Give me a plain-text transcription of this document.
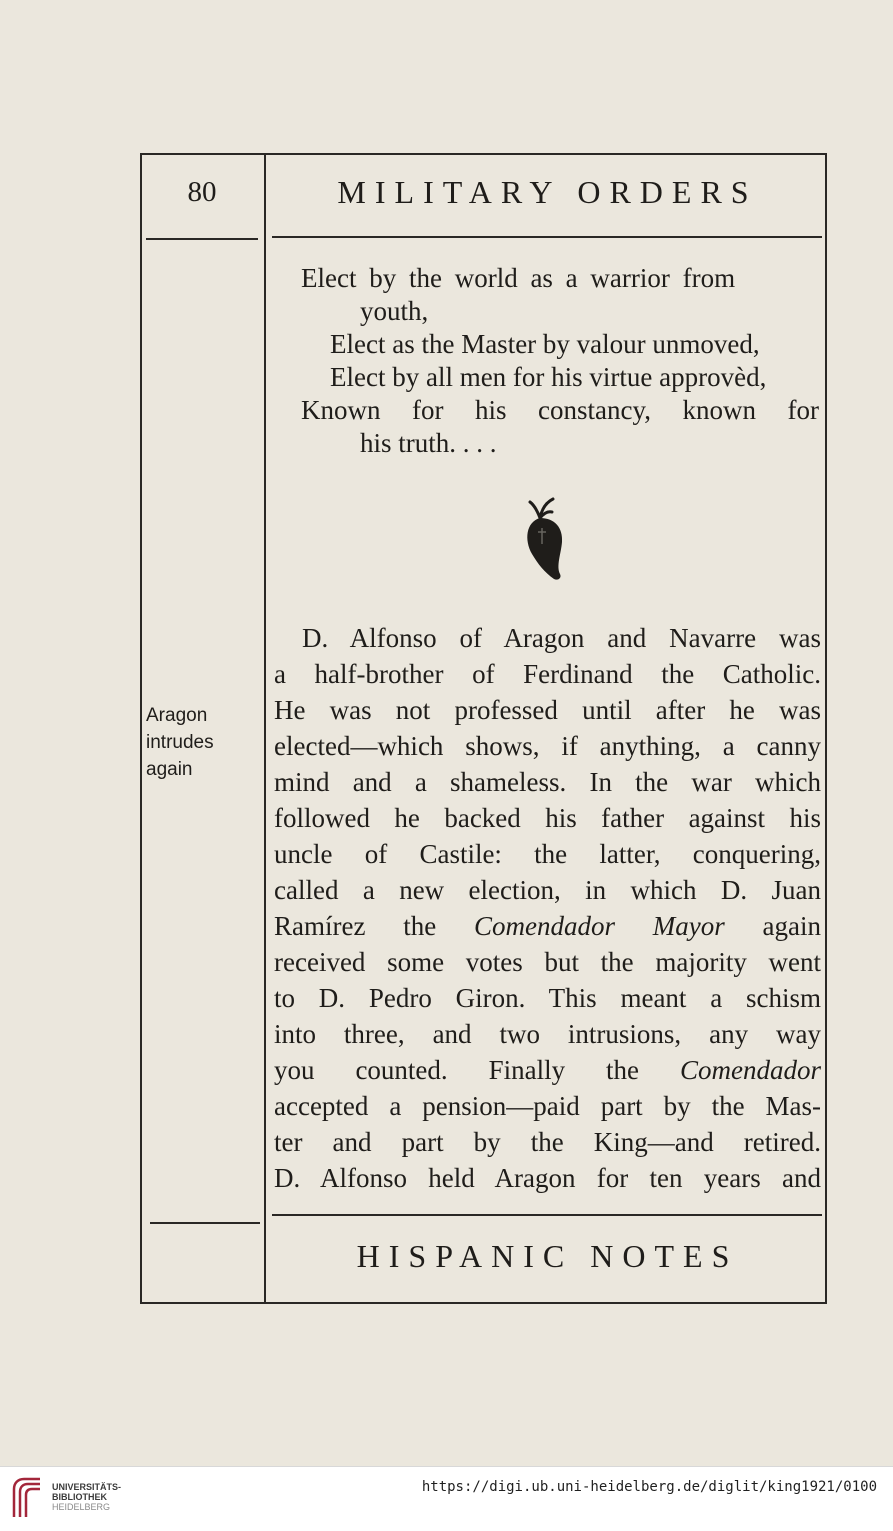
80	MILITARY ORDERS
Elect by the world as a warrior from
youth,
Elect as the Master by valour unmoved,
Elect by all men for his virtue approvèd,
Known for his constancy, known for
his truth. . . .
Aragon
intrudes
again
D. Alfonso of Aragon and Navarre was
a half-brother of Ferdinand the Catholic.
He was not professed until after he was
elected—which shows, if anything, a canny
mind and a shameless. In the war which
followed he backed his father against his
uncle of Castile: the latter, conquering,
called a new election, in which D. Juan
Ramírez the Comendador Mayor again
received some votes but the majority went
to D. Pedro Giron. This meant a schism
into three, and two intrusions, any way
you counted. Finally the Comendador
accepted a pension—paid part by the Mas-
ter and part by the King—and retired.
D. Alfonso held Aragon for ten years and
HISPANIC NOTES
UNIVERSITÄTS-
BIBLIOTHEK
HEIDELBERG
https://digi.ub.uni-heidelberg.de/diglit/king1921/0100
